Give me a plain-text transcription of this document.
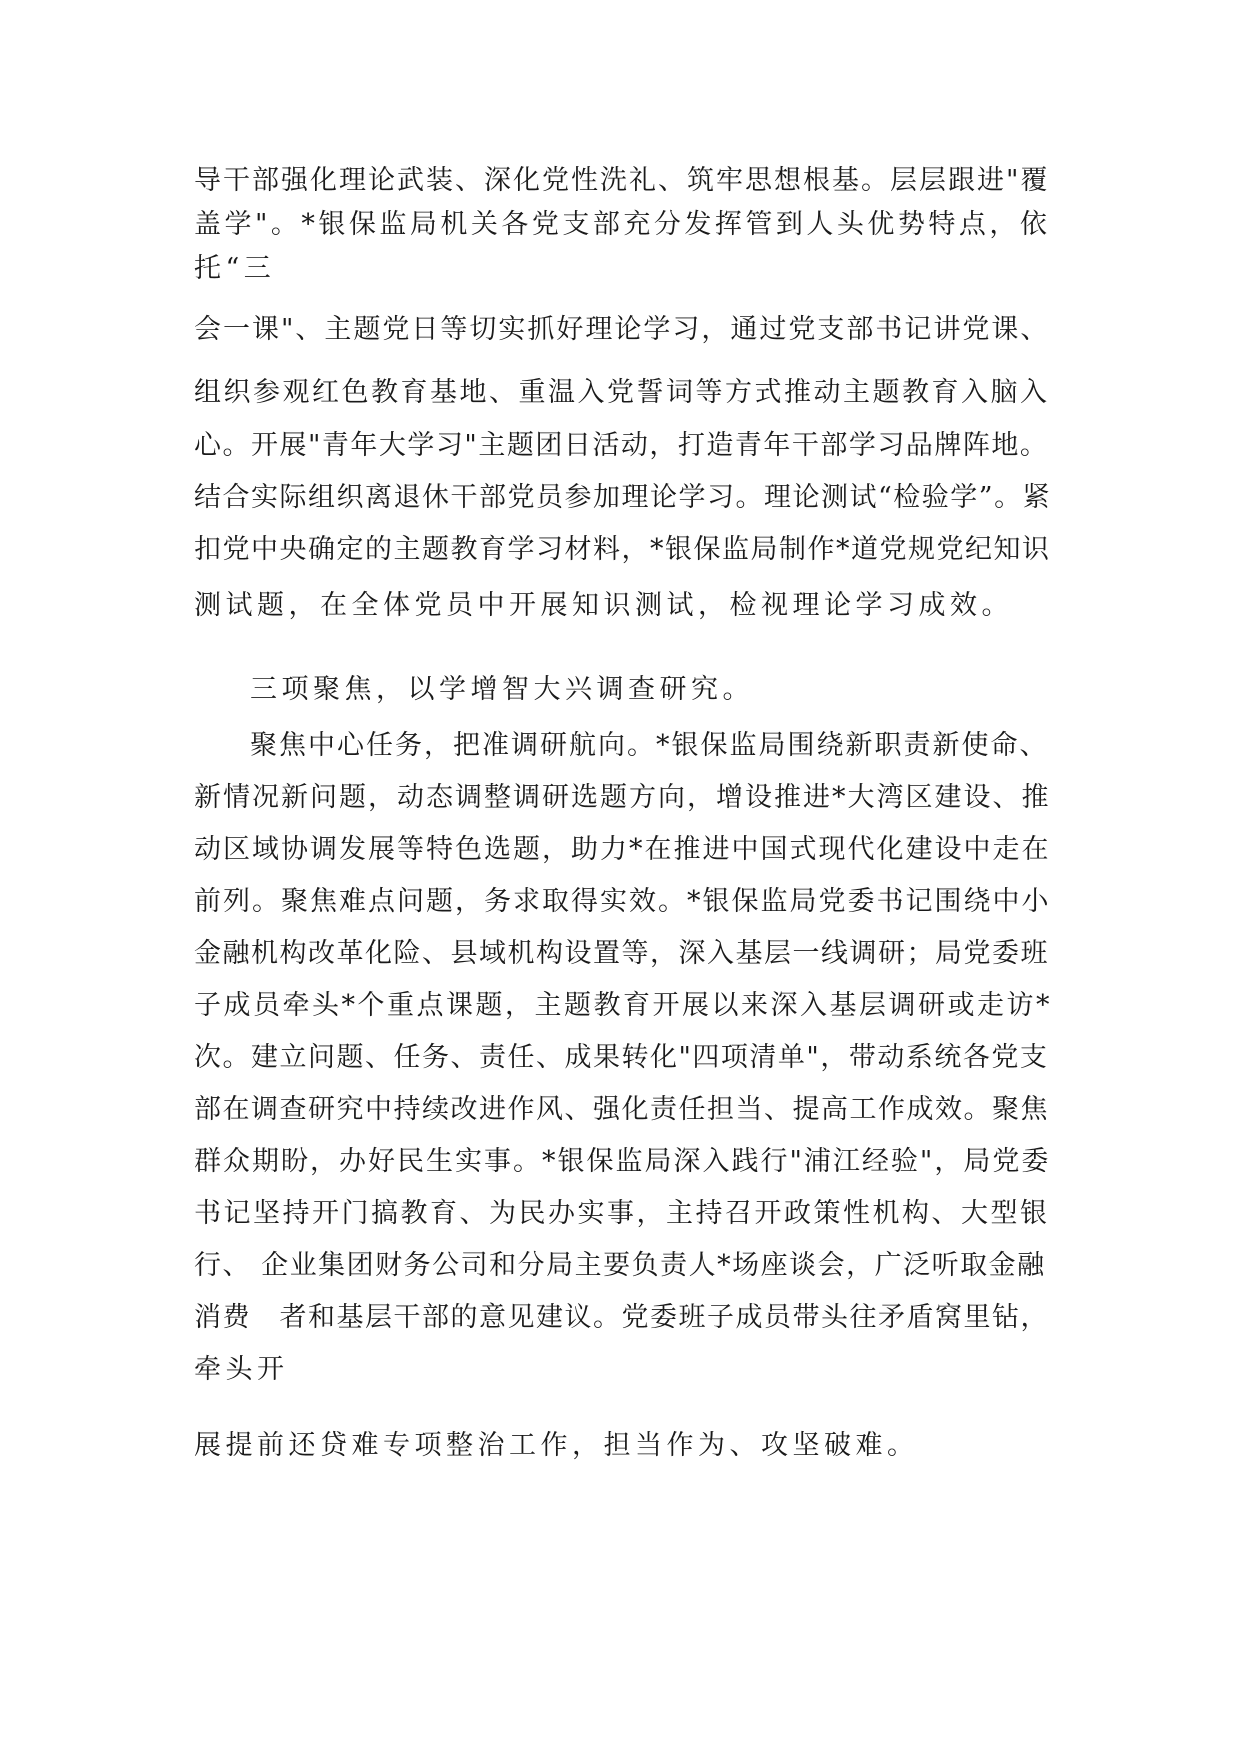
导干部强化理论武装、深化党性洗礼、筑牢思想根基。层层跟进"覆
盖学"。*银保监局机关各党支部充分发挥管到人头优势特点，依
托“三
会一课"、主题党日等切实抓好理论学习，通过党支部书记讲党课、
组织参观红色教育基地、重温入党誓词等方式推动主题教育入脑入
心。开展"青年大学习"主题团日活动，打造青年干部学习品牌阵地。
结合实际组织离退休干部党员参加理论学习。理论测试“检验学”。紧
扣党中央确定的主题教育学习材料，*银保监局制作*道党规党纪知识
测试题，在全体党员中开展知识测试，检视理论学习成效。
三项聚焦，以学增智大兴调查研究。
聚焦中心任务，把准调研航向。*银保监局围绕新职责新使命、
新情况新问题，动态调整调研选题方向，增设推进*大湾区建设、推
动区域协调发展等特色选题，助力*在推进中国式现代化建设中走在
前列。聚焦难点问题，务求取得实效。*银保监局党委书记围绕中小
金融机构改革化险、县域机构设置等，深入基层一线调研；局党委班
子成员牵头*个重点课题，主题教育开展以来深入基层调研或走访*
次。建立问题、任务、责任、成果转化"四项清单"，带动系统各党支
部在调查研究中持续改进作风、强化责任担当、提高工作成效。聚焦
群众期盼，办好民生实事。*银保监局深入践行"浦江经验"，局党委
书记坚持开门搞教育、为民办实事，主持召开政策性机构、大型银
行、 企业集团财务公司和分局主要负责人*场座谈会，广泛听取金融
消费　者和基层干部的意见建议。党委班子成员带头往矛盾窝里钻，
牵头开
展提前还贷难专项整治工作，担当作为、攻坚破难。
